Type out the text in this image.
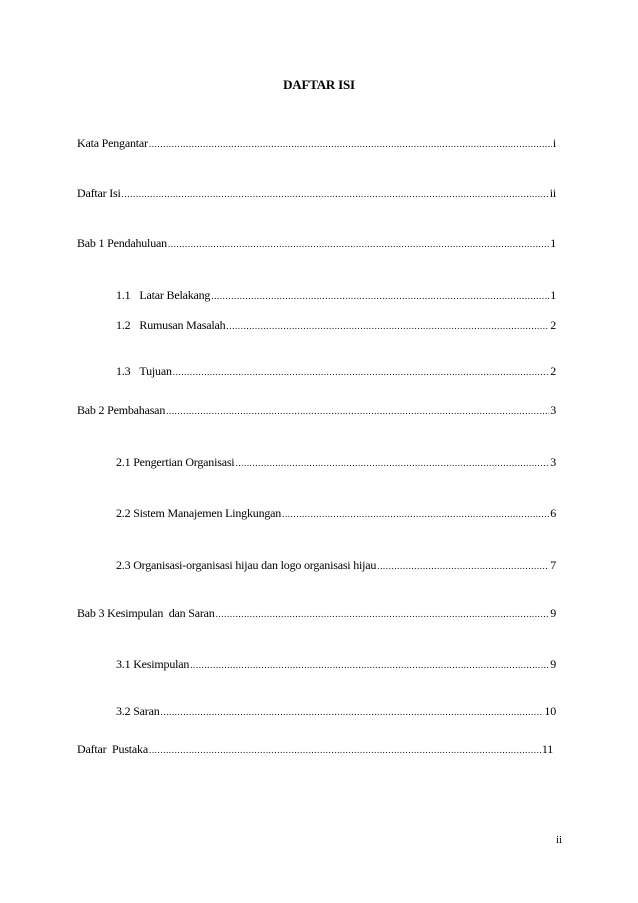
DAFTAR ISI
Kata Pengantar .....	i
Daftar Isi .....	ii
Bab 1 Pendahuluan .....	1
1.1 Latar Belakang .....	1
1.2 Rumusan Masalah .....	2
1.3 Tujuan .....	2
Bab 2 Pembahasan .....	3
2.1 Pengertian Organisasi .....	3
2.2 Sistem Manajemen Lingkungan .....	6
2.3 Organisasi-organisasi hijau dan logo organisasi hijau .....	7
Bab 3 Kesimpulan  dan Saran .....	9
3.1 Kesimpulan .....	9
3.2 Saran .....	10
Daftar  Pustaka .....	11
ii
